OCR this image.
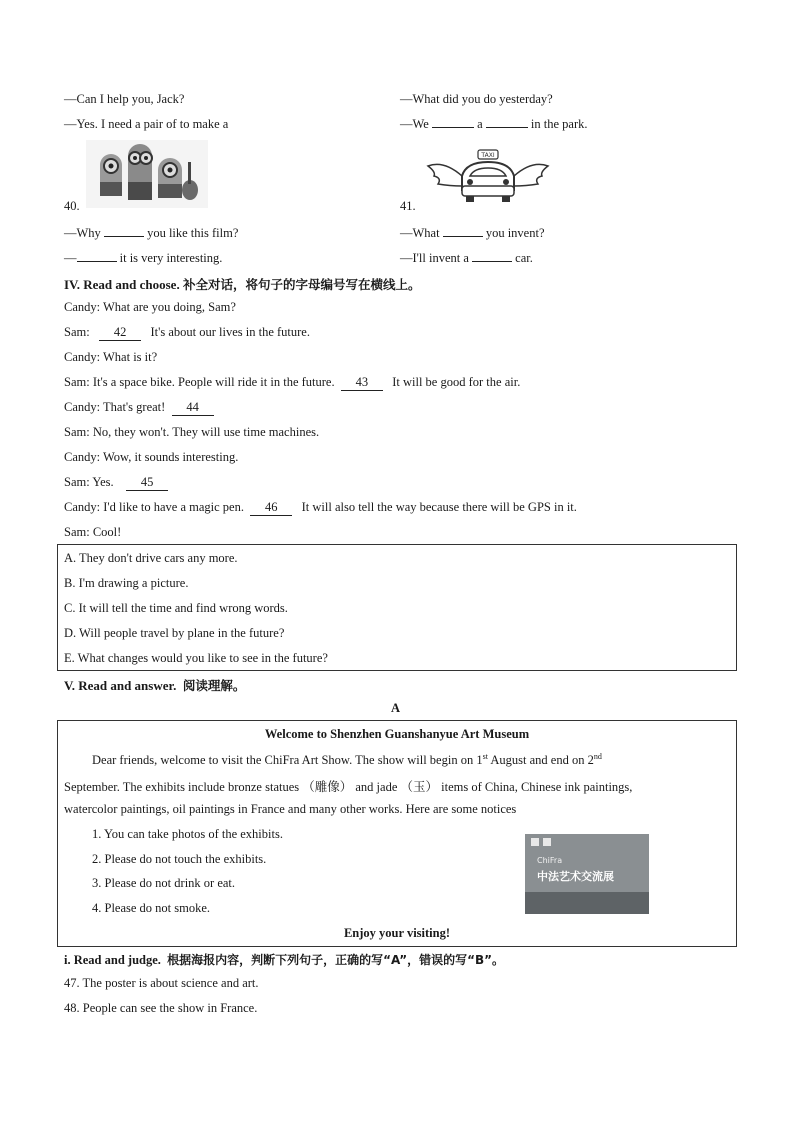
—Can I help you, Jack?	—What did you do yesterday?
—Yes. I need a pair of to make a	—We	a	in the park.
TAXI
40.	41.
—Why	you like this film?	—What	you invent?
—	it is very interesting.	—I'll invent a	car.
IV. Read and choose. 补全对话，将句子的字母编号写在横线上。
Candy: What are you doing, Sam?
Sam: 42 It's about our lives in the future.
Candy: What is it?
Sam: It's a space bike. People will ride it in the future. 43 It will be good for the air.
Candy: That's great! 44
Sam: No, they won't. They will use time machines.
Candy: Wow, it sounds interesting.
Sam: Yes. 45
Candy: I'd like to have a magic pen. 46 It will also tell the way because there will be GPS in it.
Sam: Cool!
A. They don't drive cars any more.
B. I'm drawing a picture.
C. It will tell the time and find wrong words.
D. Will people travel by plane in the future?
E. What changes would you like to see in the future?
V. Read and answer. 阅读理解。
A
Welcome to Shenzhen Guanshanyue Art Museum
Dear friends, welcome to visit the ChiFra Art Show. The show will begin on 1st August and end on 2nd
September. The exhibits include bronze statues （雕像） and jade （玉） items of China, Chinese ink paintings,
watercolor paintings, oil paintings in France and many other works. Here are some notices
1. You can take photos of the exhibits.
2. Please do not touch the exhibits.
3. Please do not drink or eat.
4. Please do not smoke.
ChiFra
中法艺术交流展
Enjoy your visiting!
i. Read and judge. 根据海报内容，判断下列句子，正确的写“A”，错误的写“B”。
47. The poster is about science and art.
48. People can see the show in France.
